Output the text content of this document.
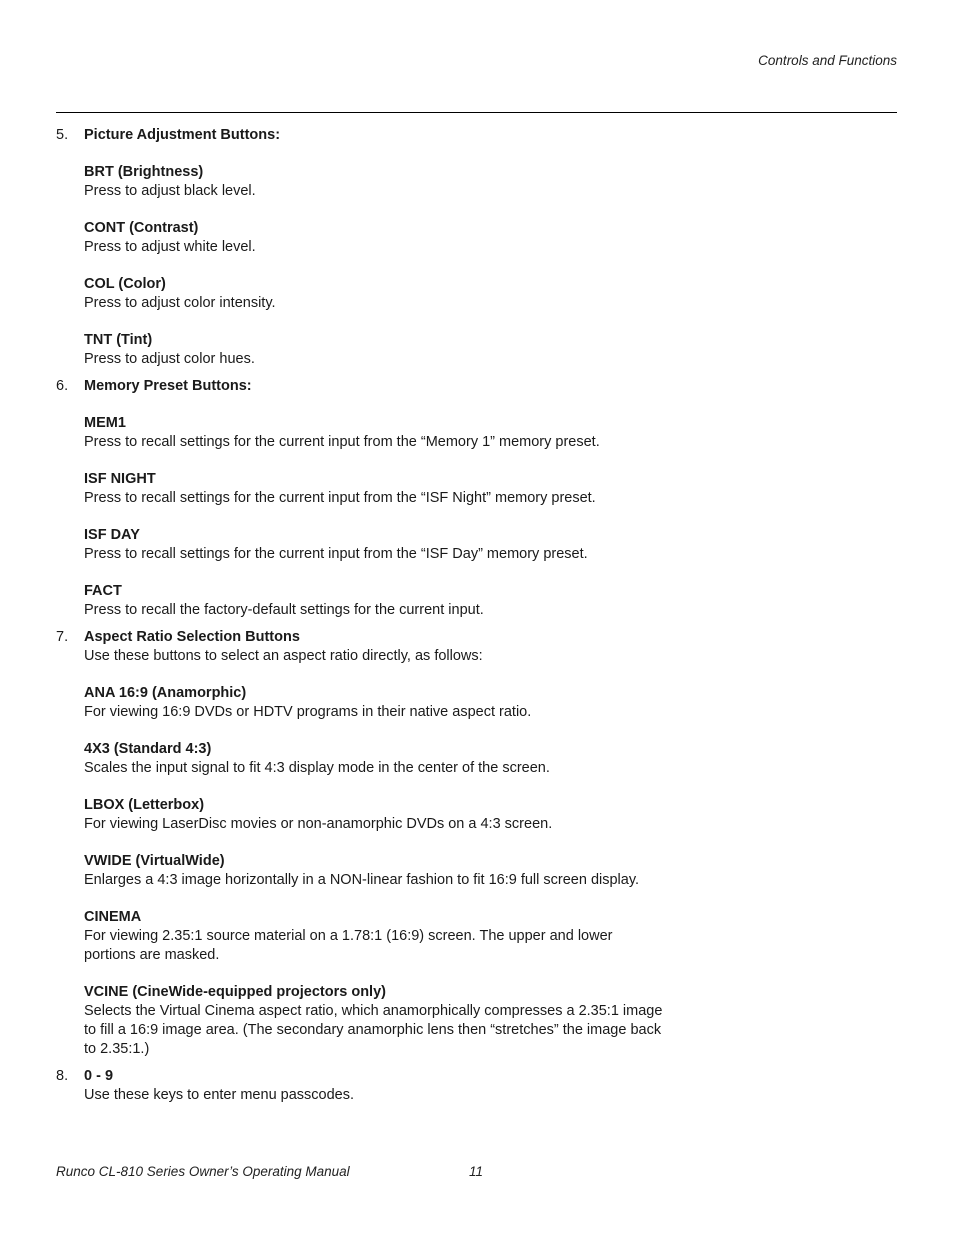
Controls and Functions
5. Picture Adjustment Buttons:
BRT (Brightness)
Press to adjust black level.
CONT (Contrast)
Press to adjust white level.
COL (Color)
Press to adjust color intensity.
TNT (Tint)
Press to adjust color hues.
6. Memory Preset Buttons:
MEM1
Press to recall settings for the current input from the “Memory 1” memory preset.
ISF NIGHT
Press to recall settings for the current input from the “ISF Night” memory preset.
ISF DAY
Press to recall settings for the current input from the “ISF Day” memory preset.
FACT
Press to recall the factory-default settings for the current input.
7. Aspect Ratio Selection Buttons
Use these buttons to select an aspect ratio directly, as follows:
ANA 16:9 (Anamorphic)
For viewing 16:9 DVDs or HDTV programs in their native aspect ratio.
4X3 (Standard 4:3)
Scales the input signal to fit 4:3 display mode in the center of the screen.
LBOX (Letterbox)
For viewing LaserDisc movies or non-anamorphic DVDs on a 4:3 screen.
VWIDE (VirtualWide)
Enlarges a 4:3 image horizontally in a NON-linear fashion to fit 16:9 full screen display.
CINEMA
For viewing 2.35:1 source material on a 1.78:1 (16:9) screen. The upper and lower portions are masked.
VCINE (CineWide-equipped projectors only)
Selects the Virtual Cinema aspect ratio, which anamorphically compresses a 2.35:1 image to fill a 16:9 image area. (The secondary anamorphic lens then “stretches” the image back to 2.35:1.)
8. 0 - 9
Use these keys to enter menu passcodes.
Runco CL-810 Series Owner’s Operating Manual	11
